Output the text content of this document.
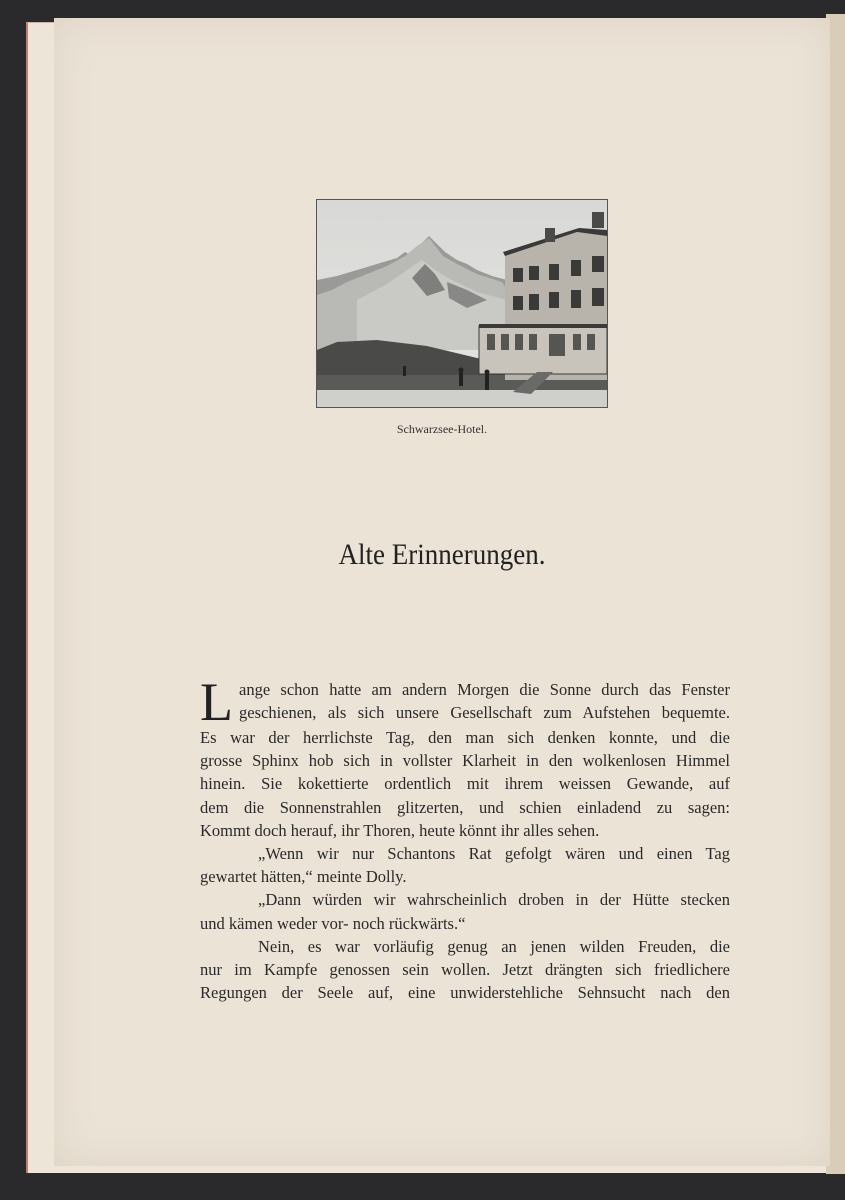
Schwarzsee-Hotel.
Alte Erinnerungen.
L ange schon hatte am andern Morgen die Sonne durch das Fenster
geschienen, als sich unsere Gesellschaft zum Aufstehen bequemte.
Es war der herrlichste Tag, den man sich denken konnte, und die
grosse Sphinx hob sich in vollster Klarheit in den wolkenlosen Himmel
hinein. Sie kokettierte ordentlich mit ihrem weissen Gewande, auf
dem die Sonnenstrahlen glitzerten, und schien einladend zu sagen:
Kommt doch herauf, ihr Thoren, heute könnt ihr alles sehen.
„Wenn wir nur Schantons Rat gefolgt wären und einen Tag
gewartet hätten,“ meinte Dolly.
„Dann würden wir wahrscheinlich droben in der Hütte stecken
und kämen weder vor- noch rückwärts.“
Nein, es war vorläufig genug an jenen wilden Freuden, die
nur im Kampfe genossen sein wollen. Jetzt drängten sich friedlichere
Regungen der Seele auf, eine unwiderstehliche Sehnsucht nach den
